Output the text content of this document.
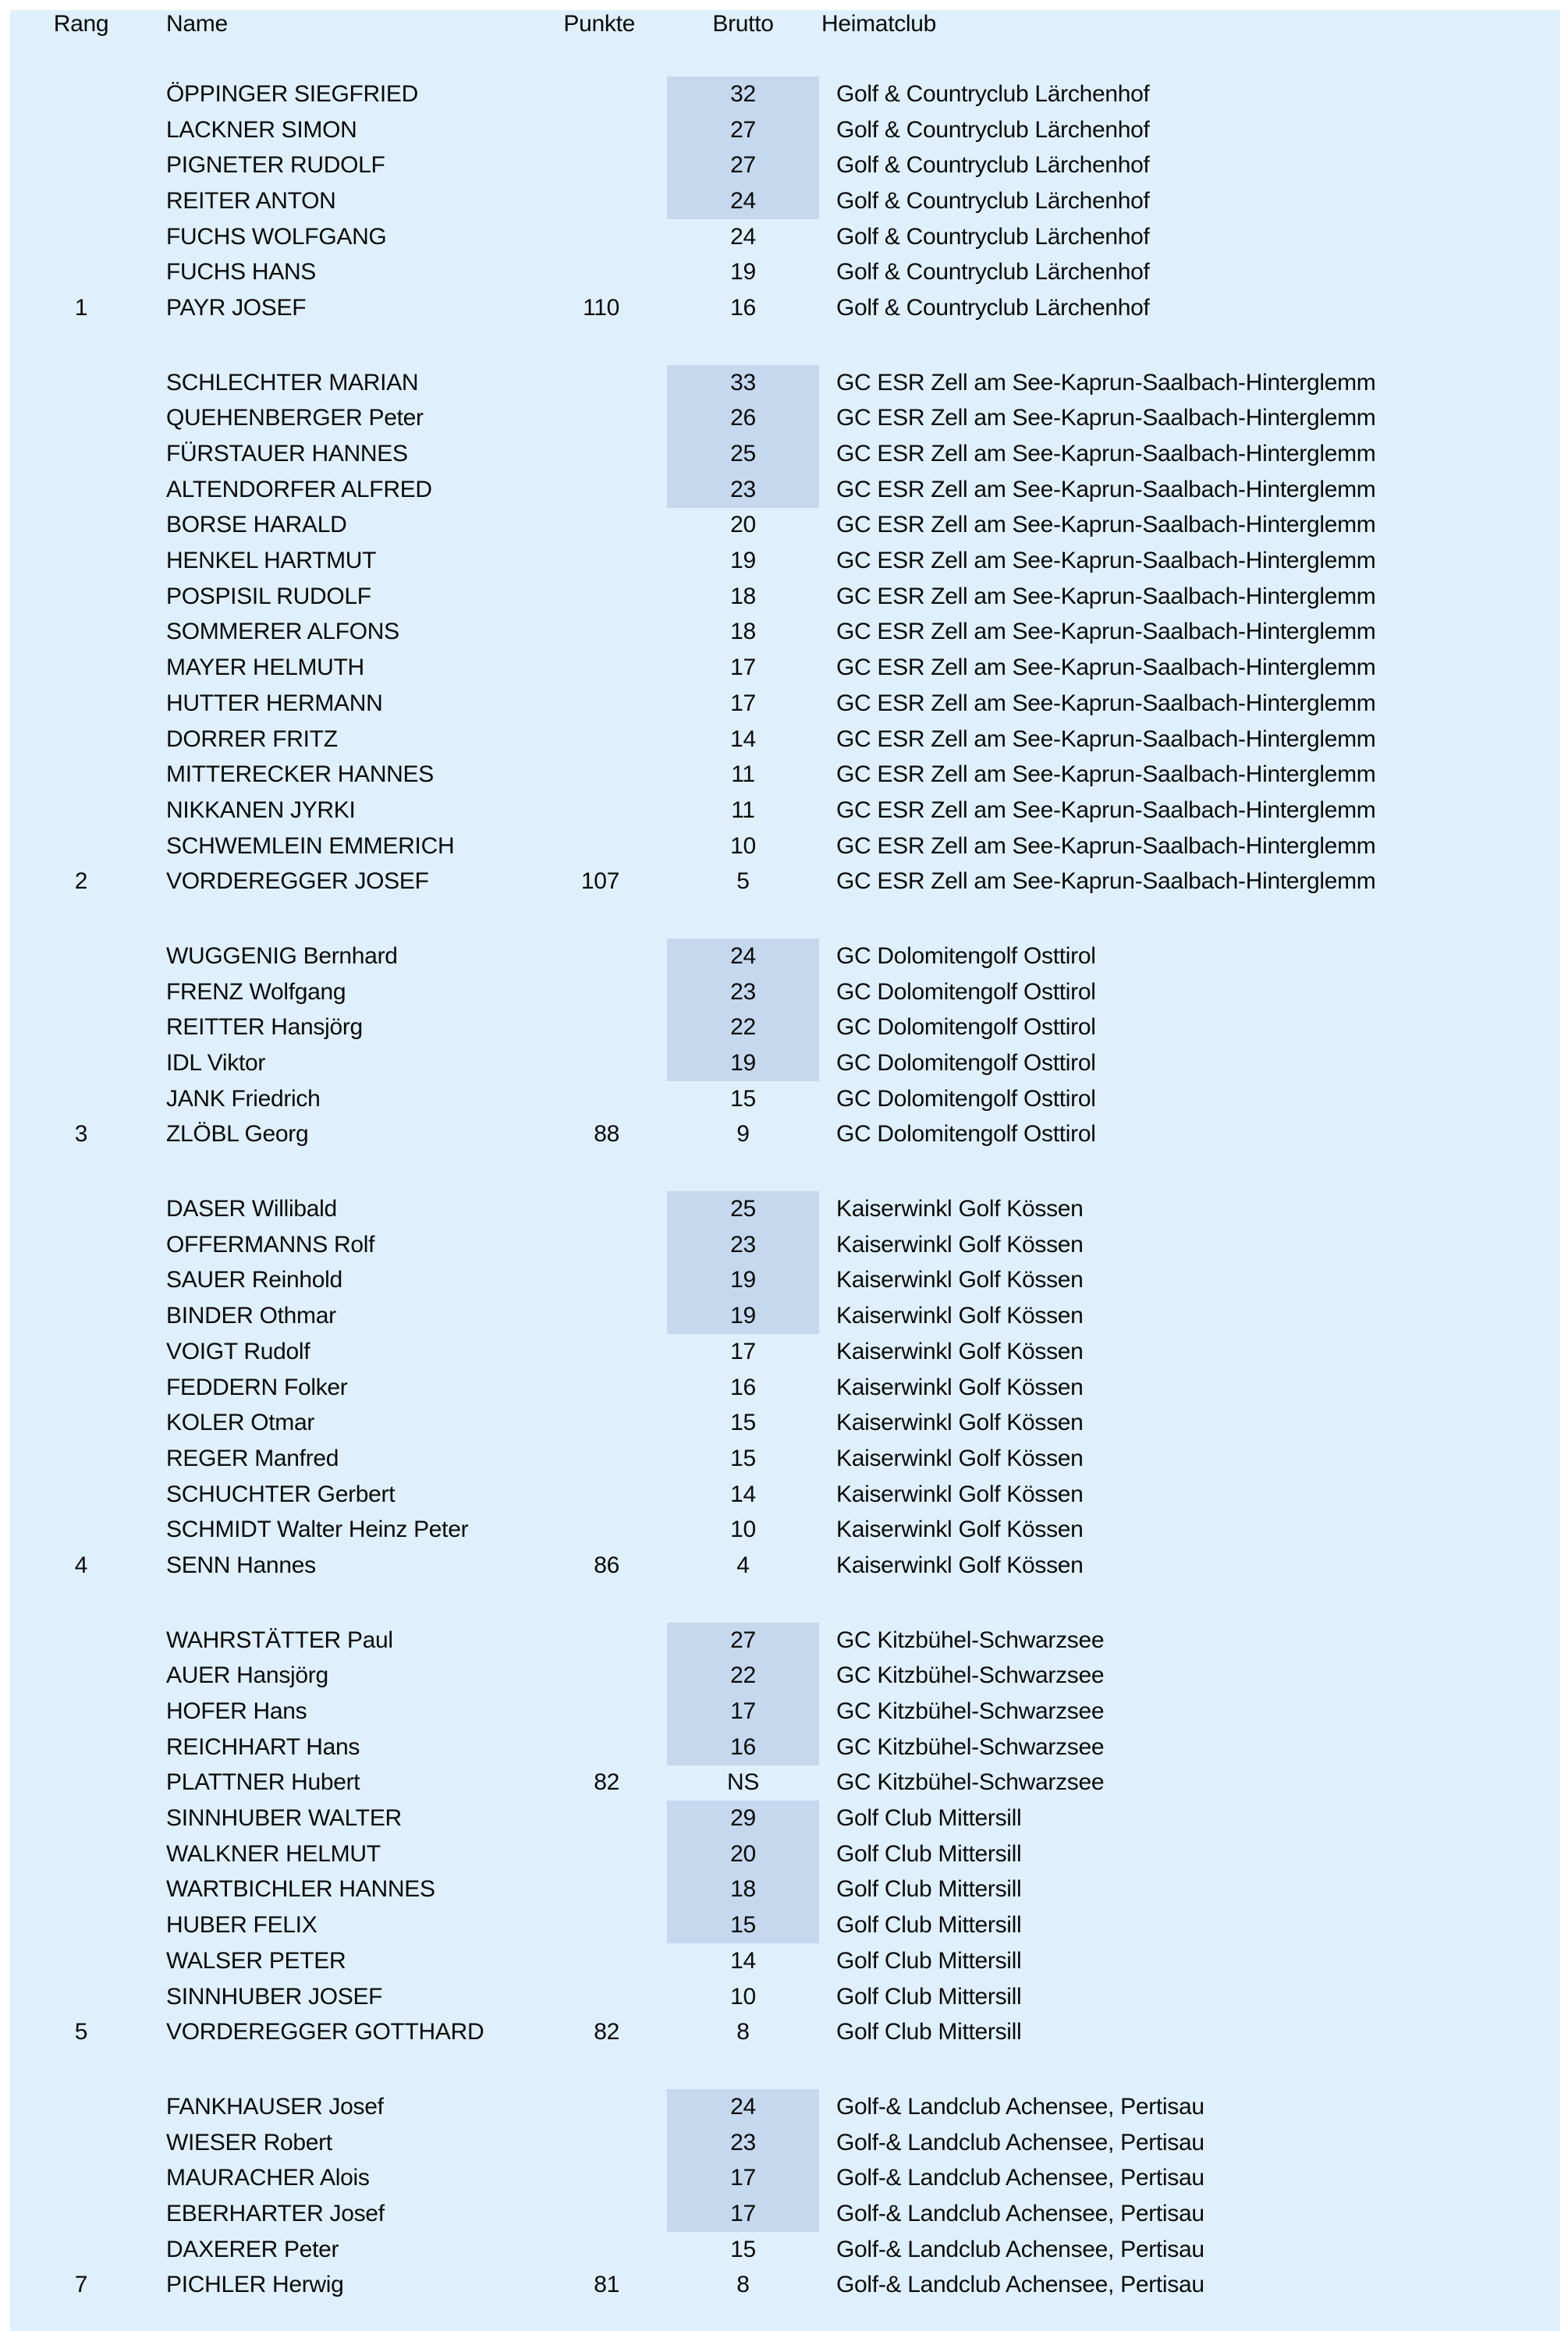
Rang Name	Punkte	Brutto	Heimatclub
ÖPPINGER SIEGFRIED	32	Golf & Countryclub Lärchenhof
LACKNER SIMON	27	Golf & Countryclub Lärchenhof
PIGNETER RUDOLF	27	Golf & Countryclub Lärchenhof
REITER ANTON	24	Golf & Countryclub Lärchenhof
FUCHS WOLFGANG	24	Golf & Countryclub Lärchenhof
FUCHS HANS	19	Golf & Countryclub Lärchenhof
1	PAYR JOSEF	110	16	Golf & Countryclub Lärchenhof
SCHLECHTER MARIAN	33	GC ESR Zell am See-Kaprun-Saalbach-Hinterglemm
QUEHENBERGER Peter	26	GC ESR Zell am See-Kaprun-Saalbach-Hinterglemm
FÜRSTAUER HANNES	25	GC ESR Zell am See-Kaprun-Saalbach-Hinterglemm
ALTENDORFER ALFRED	23	GC ESR Zell am See-Kaprun-Saalbach-Hinterglemm
BORSE HARALD	20	GC ESR Zell am See-Kaprun-Saalbach-Hinterglemm
HENKEL HARTMUT	19	GC ESR Zell am See-Kaprun-Saalbach-Hinterglemm
POSPISIL RUDOLF	18	GC ESR Zell am See-Kaprun-Saalbach-Hinterglemm
SOMMERER ALFONS	18	GC ESR Zell am See-Kaprun-Saalbach-Hinterglemm
MAYER HELMUTH	17	GC ESR Zell am See-Kaprun-Saalbach-Hinterglemm
HUTTER HERMANN	17	GC ESR Zell am See-Kaprun-Saalbach-Hinterglemm
DORRER FRITZ	14	GC ESR Zell am See-Kaprun-Saalbach-Hinterglemm
MITTERECKER HANNES	11	GC ESR Zell am See-Kaprun-Saalbach-Hinterglemm
NIKKANEN JYRKI	11	GC ESR Zell am See-Kaprun-Saalbach-Hinterglemm
SCHWEMLEIN EMMERICH	10	GC ESR Zell am See-Kaprun-Saalbach-Hinterglemm
2	VORDEREGGER JOSEF	107	5	GC ESR Zell am See-Kaprun-Saalbach-Hinterglemm
WUGGENIG Bernhard	24	GC Dolomitengolf Osttirol
FRENZ Wolfgang	23	GC Dolomitengolf Osttirol
REITTER Hansjörg	22	GC Dolomitengolf Osttirol
IDL Viktor	19	GC Dolomitengolf Osttirol
JANK Friedrich	15	GC Dolomitengolf Osttirol
3	ZLÖBL Georg	88	9	GC Dolomitengolf Osttirol
DASER Willibald	25	Kaiserwinkl Golf Kössen
OFFERMANNS Rolf	23	Kaiserwinkl Golf Kössen
SAUER Reinhold	19	Kaiserwinkl Golf Kössen
BINDER Othmar	19	Kaiserwinkl Golf Kössen
VOIGT Rudolf	17	Kaiserwinkl Golf Kössen
FEDDERN Folker	16	Kaiserwinkl Golf Kössen
KOLER Otmar	15	Kaiserwinkl Golf Kössen
REGER Manfred	15	Kaiserwinkl Golf Kössen
SCHUCHTER Gerbert	14	Kaiserwinkl Golf Kössen
SCHMIDT Walter Heinz Peter	10	Kaiserwinkl Golf Kössen
4	SENN Hannes	86	4	Kaiserwinkl Golf Kössen
WAHRSTÄTTER Paul	27	GC Kitzbühel-Schwarzsee
AUER Hansjörg	22	GC Kitzbühel-Schwarzsee
HOFER Hans	17	GC Kitzbühel-Schwarzsee
REICHHART Hans	16	GC Kitzbühel-Schwarzsee
PLATTNER Hubert	82	NS	GC Kitzbühel-Schwarzsee
SINNHUBER WALTER	29	Golf Club Mittersill
WALKNER HELMUT	20	Golf Club Mittersill
WARTBICHLER HANNES	18	Golf Club Mittersill
HUBER FELIX	15	Golf Club Mittersill
WALSER PETER	14	Golf Club Mittersill
SINNHUBER JOSEF	10	Golf Club Mittersill
5	VORDEREGGER GOTTHARD	82	8	Golf Club Mittersill
FANKHAUSER Josef	24	Golf-& Landclub Achensee, Pertisau
WIESER Robert	23	Golf-& Landclub Achensee, Pertisau
MAURACHER Alois	17	Golf-& Landclub Achensee, Pertisau
EBERHARTER Josef	17	Golf-& Landclub Achensee, Pertisau
DAXERER Peter	15	Golf-& Landclub Achensee, Pertisau
7	PICHLER Herwig	81	8	Golf-& Landclub Achensee, Pertisau
